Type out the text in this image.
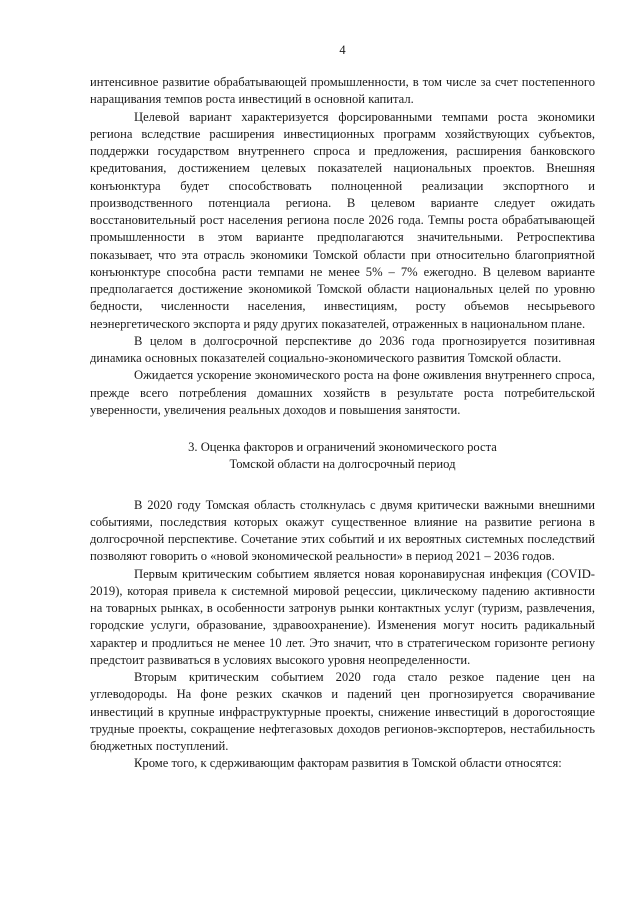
4

интенсивное развитие обрабатывающей промышленности, в том числе за счет постепенного наращивания темпов роста инвестиций в основной капитал.

Целевой вариант характеризуется форсированными темпами роста экономики региона вследствие расширения инвестиционных программ хозяйствующих субъектов, поддержки государством внутреннего спроса и предложения, расширения банковского кредитования, достижением целевых показателей национальных проектов. Внешняя конъюнктура будет способствовать полноценной реализации экспортного и производственного потенциала региона. В целевом варианте следует ожидать восстановительный рост населения региона после 2026 года. Темпы роста обрабатывающей промышленности в этом варианте предполагаются значительными. Ретроспектива показывает, что эта отрасль экономики Томской области при относительно благоприятной конъюнктуре способна расти темпами не менее 5% – 7% ежегодно. В целевом варианте предполагается достижение экономикой Томской области национальных целей по уровню бедности, численности населения, инвестициям, росту объемов несырьевого неэнергетического экспорта и ряду других показателей, отраженных в национальном плане.

В целом в долгосрочной перспективе до 2036 года прогнозируется позитивная динамика основных показателей социально-экономического развития Томской области.

Ожидается ускорение экономического роста на фоне оживления внутреннего спроса, прежде всего потребления домашних хозяйств в результате роста потребительской уверенности, увеличения реальных доходов и повышения занятости.

3. Оценка факторов и ограничений экономического роста
Томской области на долгосрочный период

В 2020 году Томская область столкнулась с двумя критически важными внешними событиями, последствия которых окажут существенное влияние на развитие региона в долгосрочной перспективе. Сочетание этих событий и их вероятных системных последствий позволяют говорить о «новой экономической реальности» в период 2021 – 2036 годов.

Первым критическим событием является новая коронавирусная инфекция (COVID-2019), которая привела к системной мировой рецессии, циклическому падению активности на товарных рынках, в особенности затронув рынки контактных услуг (туризм, развлечения, городские услуги, образование, здравоохранение). Изменения могут носить радикальный характер и продлиться не менее 10 лет. Это значит, что в стратегическом горизонте региону предстоит развиваться в условиях высокого уровня неопределенности.

Вторым критическим событием 2020 года стало резкое падение цен на углеводороды. На фоне резких скачков и падений цен прогнозируется сворачивание инвестиций в крупные инфраструктурные проекты, снижение инвестиций в дорогостоящие трудные проекты, сокращение нефтегазовых доходов регионов-экспортеров, нестабильность бюджетных поступлений.

Кроме того, к сдерживающим факторам развития в Томской области относятся:
